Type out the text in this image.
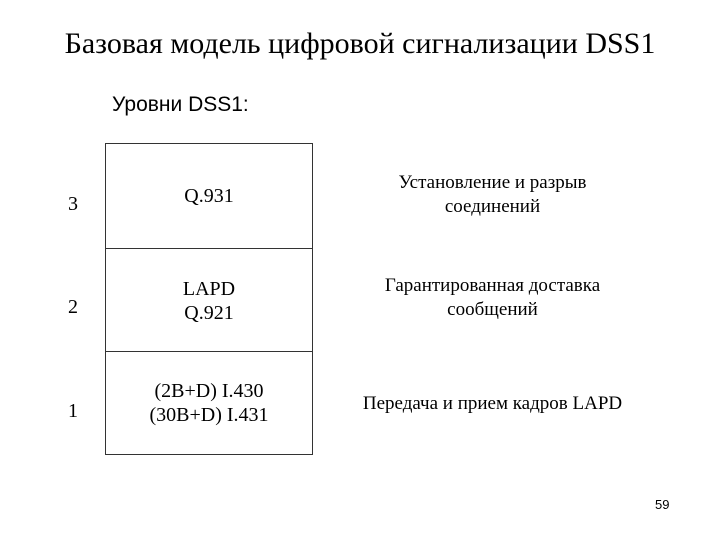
Базовая модель цифровой сигнализации DSS1
Уровни DSS1:
3
2
1
Q.931
LAPD
Q.921
(2B+D) I.430
(30B+D) I.431
Установление и разрыв
соединений
Гарантированная доставка
сообщений
Передача и прием кадров LAPD
59
